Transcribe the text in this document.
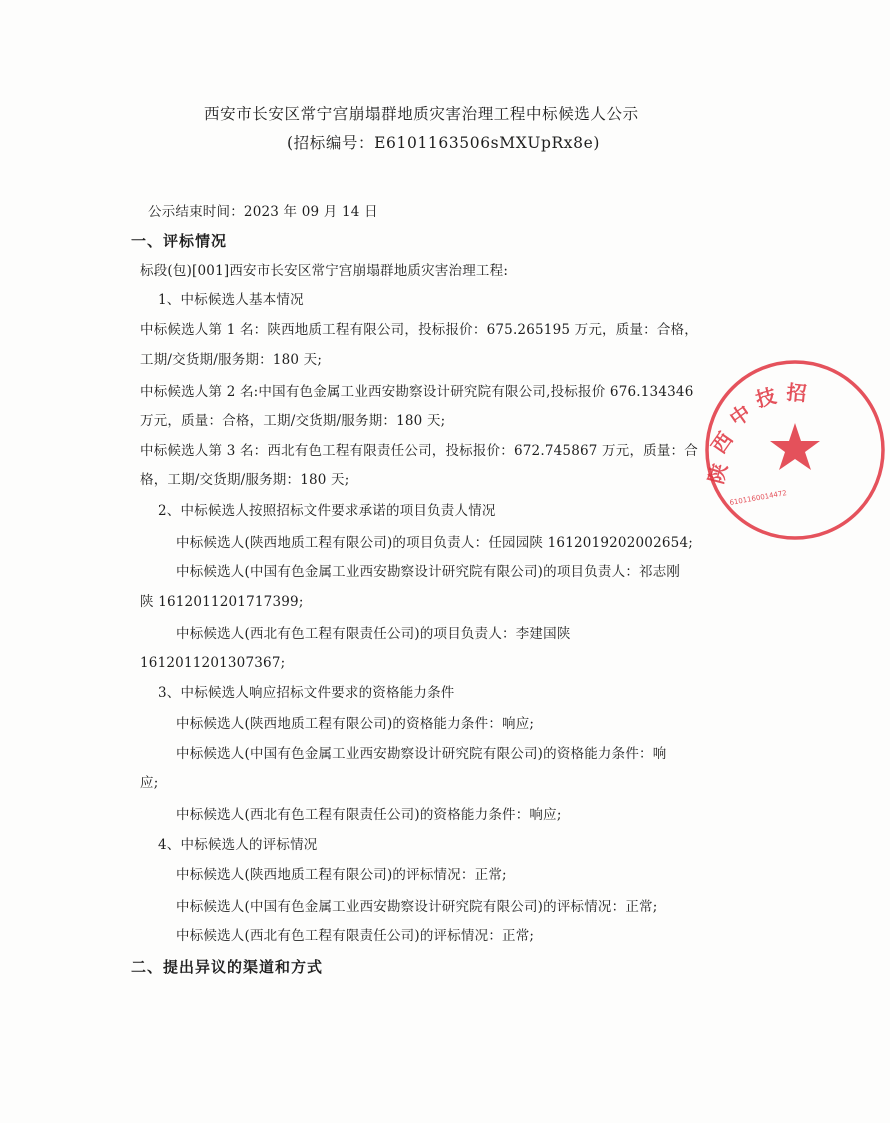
西安市长安区常宁宫崩塌群地质灾害治理工程中标候选人公示
(招标编号：E6101163506sMXUpRx8e)
公示结束时间：2023 年 09 月 14 日
一、评标情况
标段(包)[001]西安市长安区常宁宫崩塌群地质灾害治理工程:
1、中标候选人基本情况
中标候选人第 1 名：陕西地质工程有限公司，投标报价：675.265195 万元，质量：合格，
工期/交货期/服务期：180 天;
中标候选人第 2 名:中国有色金属工业西安勘察设计研究院有限公司,投标报价 676.134346
万元，质量：合格，工期/交货期/服务期：180 天;
中标候选人第 3 名：西北有色工程有限责任公司，投标报价：672.745867 万元，质量：合
格，工期/交货期/服务期：180 天;
2、中标候选人按照招标文件要求承诺的项目负责人情况
中标候选人(陕西地质工程有限公司)的项目负责人：任园园陕 1612019202002654;
中标候选人(中国有色金属工业西安勘察设计研究院有限公司)的项目负责人：祁志刚
陕 1612011201717399;
中标候选人(西北有色工程有限责任公司)的项目负责人：李建国陕
1612011201307367;
3、中标候选人响应招标文件要求的资格能力条件
中标候选人(陕西地质工程有限公司)的资格能力条件：响应;
中标候选人(中国有色金属工业西安勘察设计研究院有限公司)的资格能力条件：响
应;
中标候选人(西北有色工程有限责任公司)的资格能力条件：响应;
4、中标候选人的评标情况
中标候选人(陕西地质工程有限公司)的评标情况：正常;
中标候选人(中国有色金属工业西安勘察设计研究院有限公司)的评标情况：正常;
中标候选人(西北有色工程有限责任公司)的评标情况：正常;
二、提出异议的渠道和方式
陕
西
中
技 招
6101160014472
